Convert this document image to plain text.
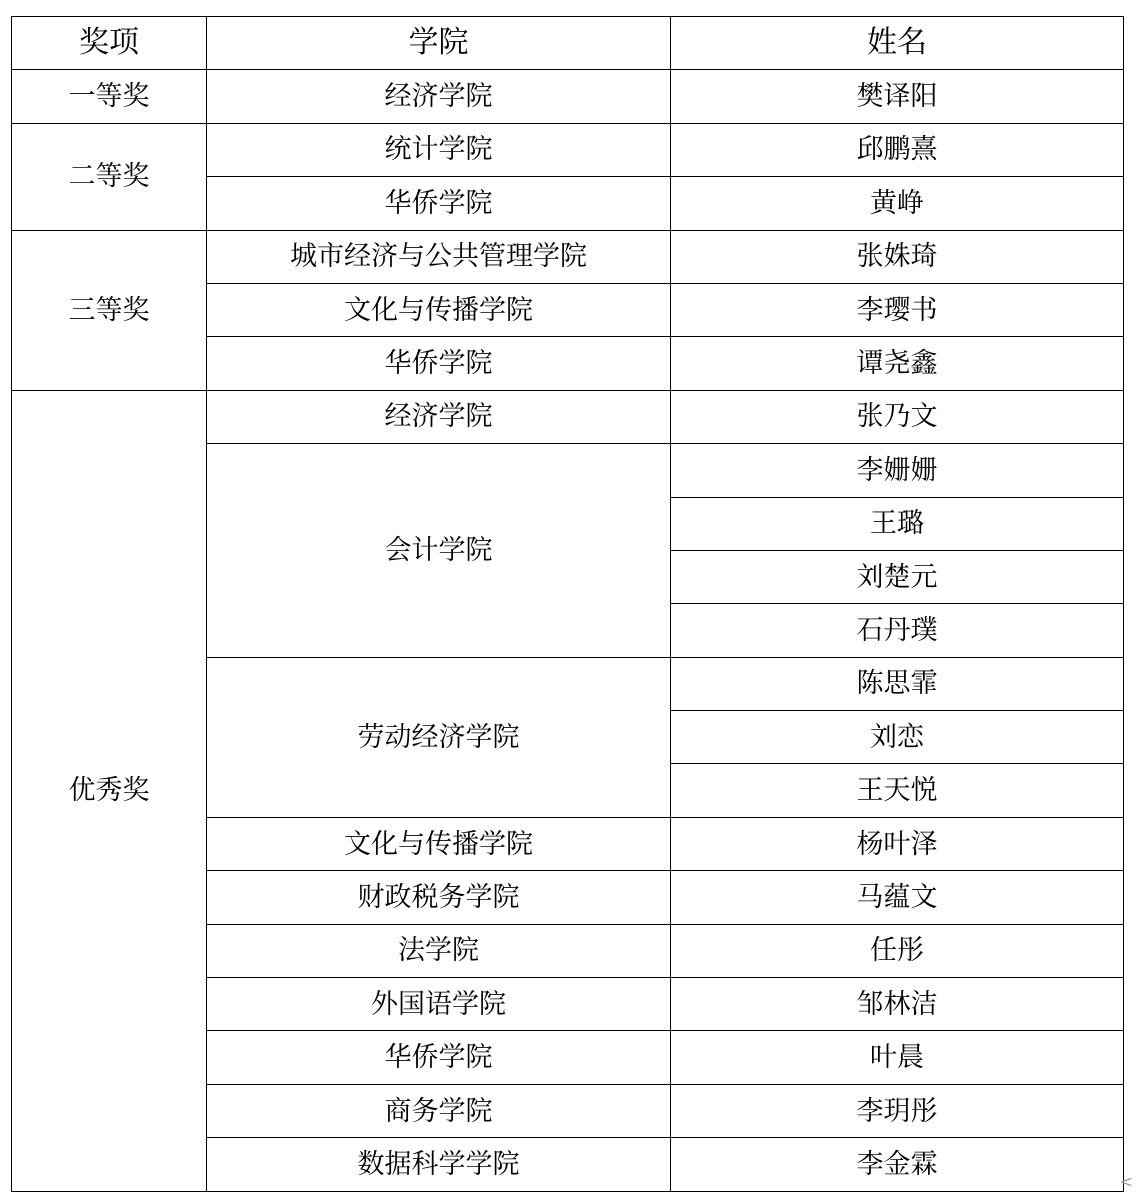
奖项	学院	姓名
一等奖	经济学院	樊译阳
二等奖	统计学院	邱鹏熹
	华侨学院	黄峥
三等奖	城市经济与公共管理学院	张姝琦
	文化与传播学院	李璎书
	华侨学院	谭尧鑫
优秀奖	经济学院	张乃文
	会计学院	李姗姗
		王璐
		刘楚元
		石丹璞
	劳动经济学院	陈思霏
		刘恋
		王天悦
	文化与传播学院	杨叶泽
	财政税务学院	马蕴文
	法学院	任彤
	外国语学院	邹林洁
	华侨学院	叶晨
	商务学院	李玥彤
	数据科学学院	李金霖
<
